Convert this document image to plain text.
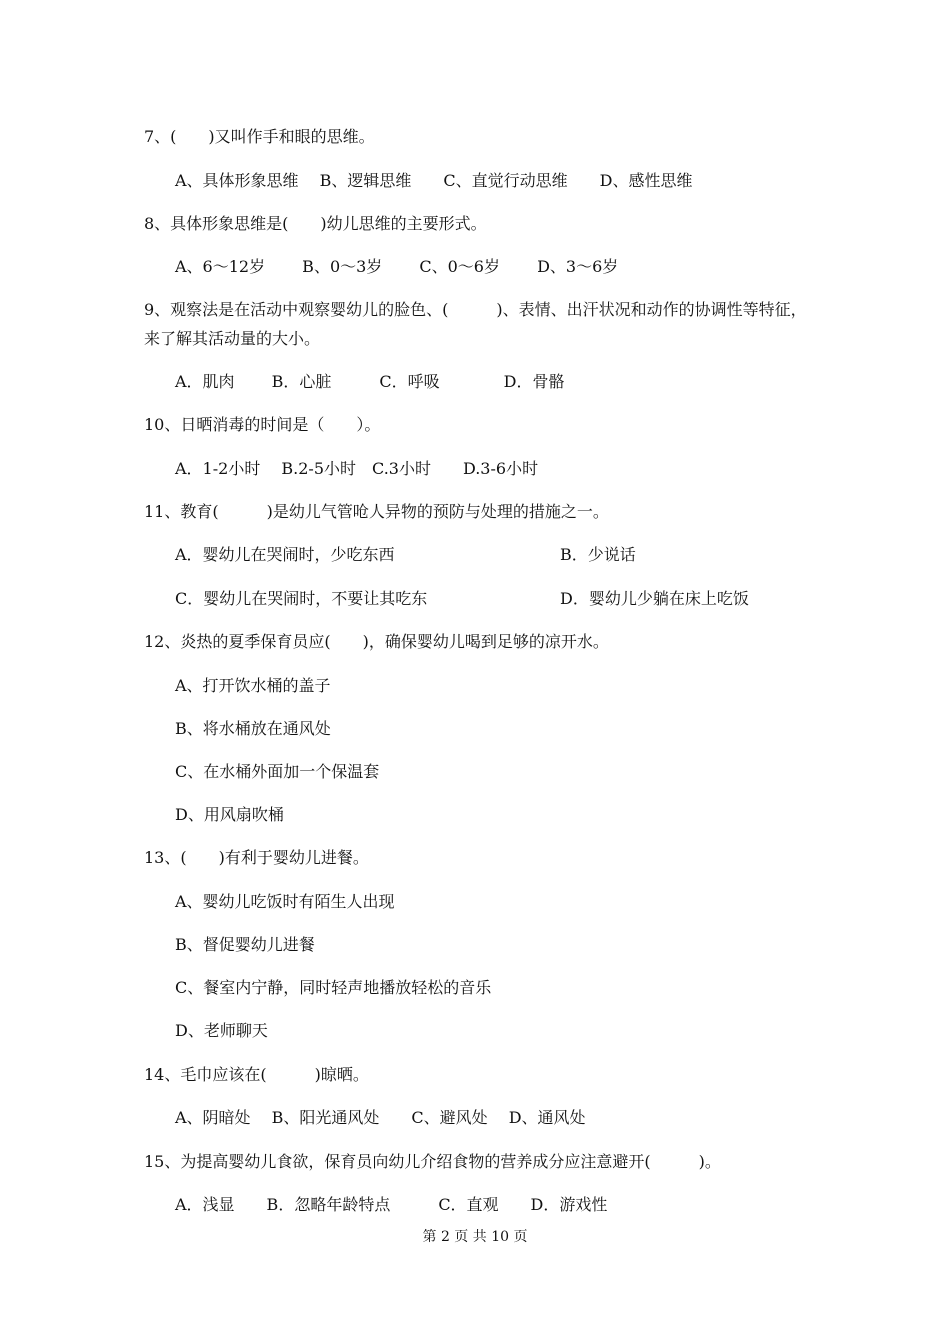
7、(　　)又叫作手和眼的思维。
A、具体形象思维　 B、逻辑思维　　C、直觉行动思维　　D、感性思维
8、具体形象思维是(　　)幼儿思维的主要形式。
A、6～12岁　　 B、0～3岁　　 C、0～6岁　　 D、3～6岁
9、观察法是在活动中观察婴幼儿的脸色、(　　　)、表情、出汗状况和动作的协调性等特征，
来了解其活动量的大小。
A．肌肉　　 B．心脏　　　C．呼吸　　　　D．骨骼
10、日晒消毒的时间是（　　）。
A．1-2小时　 B.2-5小时　C.3小时　　D.3-6小时
11、教育(　　　)是幼儿气管呛人异物的预防与处理的措施之一。

A．婴幼儿在哭闹时，少吃东西

	B．少说话

C．婴幼儿在哭闹时，不要让其吃东

	D．婴幼儿少躺在床上吃饭

12、炎热的夏季保育员应(　　)，确保婴幼儿喝到足够的凉开水。
A、打开饮水桶的盖子
B、将水桶放在通风处
C、在水桶外面加一个保温套
D、用风扇吹桶
13、(　　)有利于婴幼儿进餐。
A、婴幼儿吃饭时有陌生人出现
B、督促婴幼儿进餐
C、餐室内宁静，同时轻声地播放轻松的音乐
D、老师聊天
14、毛巾应该在(　　　)晾晒。
A、阴暗处　 B、阳光通风处　　C、避风处　 D、通风处
15、为提高婴幼儿食欲，保育员向幼儿介绍食物的营养成分应注意避开(　　　)。
A．浅显　　B．忽略年龄特点　　　C．直观　　D．游戏性
第 2 页 共 10 页
